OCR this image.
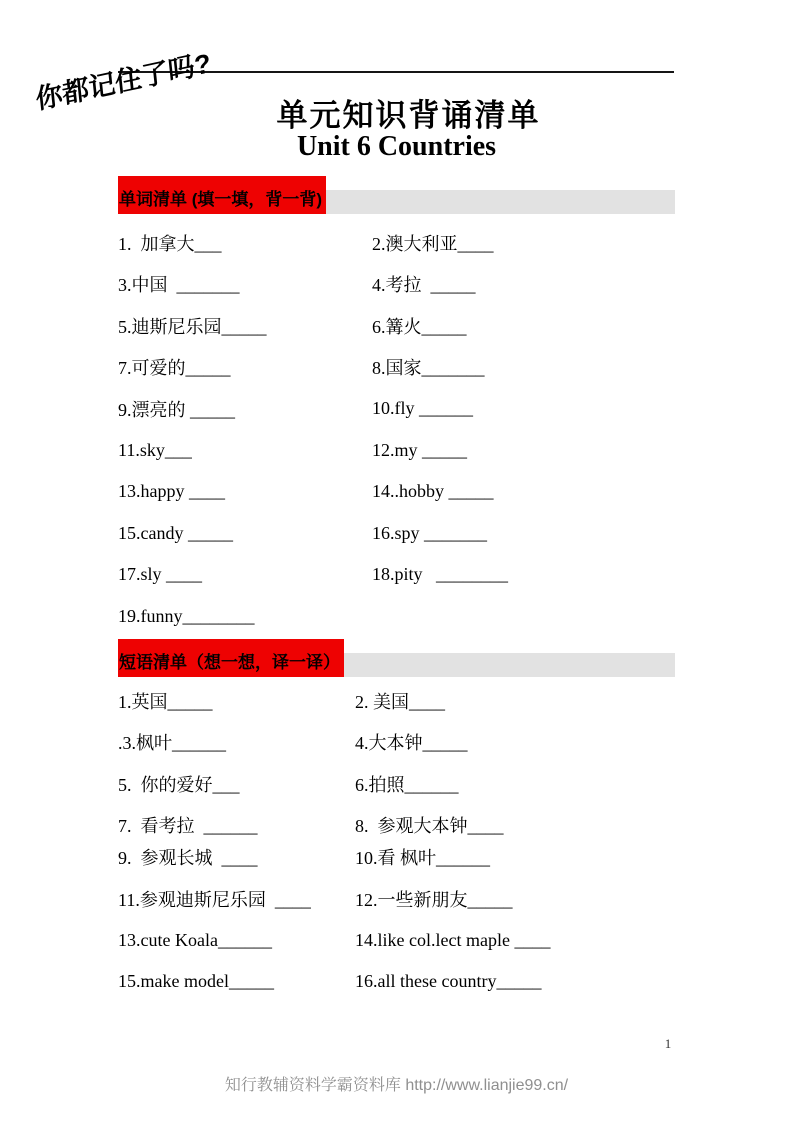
你都记住了吗?
单元知识背诵清单
Unit 6 Countries
单词清单 (填一填，背一背)
1.  加拿大___	2.澳大利亚____
3.中国  _______	4.考拉  _____
5.迪斯尼乐园_____	6.篝火_____
7.可爱的_____	8.国家_______
9.漂亮的 _____	10.fly ______
11.sky___	12.my _____
13.happy ____	14..hobby _____
15.candy _____	16.spy _______
17.sly ____	18.pity   ________
19.funny________
短语清单（想一想，译一译）
1.英国_____	2. 美国____
.3.枫叶______	4.大本钟_____
5.  你的爱好___	6.拍照______
7.  看考拉  ______	8.  参观大本钟____
9.  参观长城  ____	10.看 枫叶______
11.参观迪斯尼乐园  ____	12.一些新朋友_____
13.cute Koala______	14.like col.lect maple ____
15.make model_____	16.all these country_____
1
知行教辅资料学霸资料库 http://www.lianjie99.cn/
